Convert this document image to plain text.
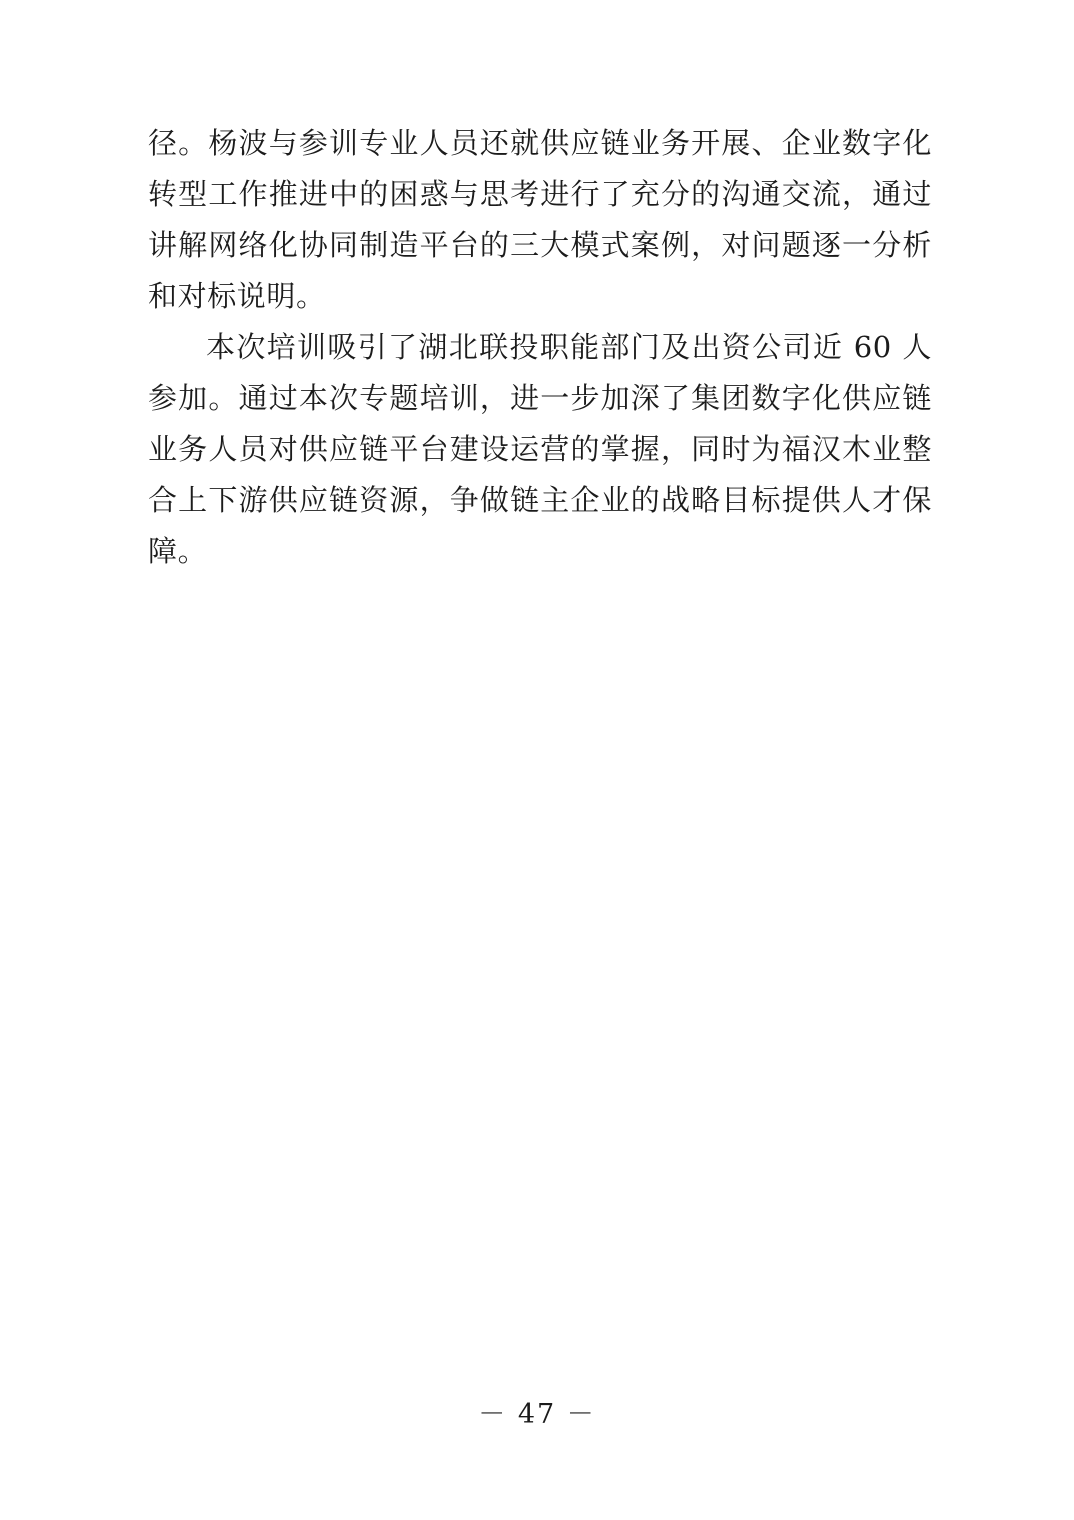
径。杨波与参训专业人员还就供应链业务开展、企业数字化转型工作推进中的困惑与思考进行了充分的沟通交流，通过讲解网络化协同制造平台的三大模式案例，对问题逐一分析和对标说明。

本次培训吸引了湖北联投职能部门及出资公司近 60 人参加。通过本次专题培训，进一步加深了集团数字化供应链业务人员对供应链平台建设运营的掌握，同时为福汉木业整合上下游供应链资源，争做链主企业的战略目标提供人才保障。

－ 47 －
